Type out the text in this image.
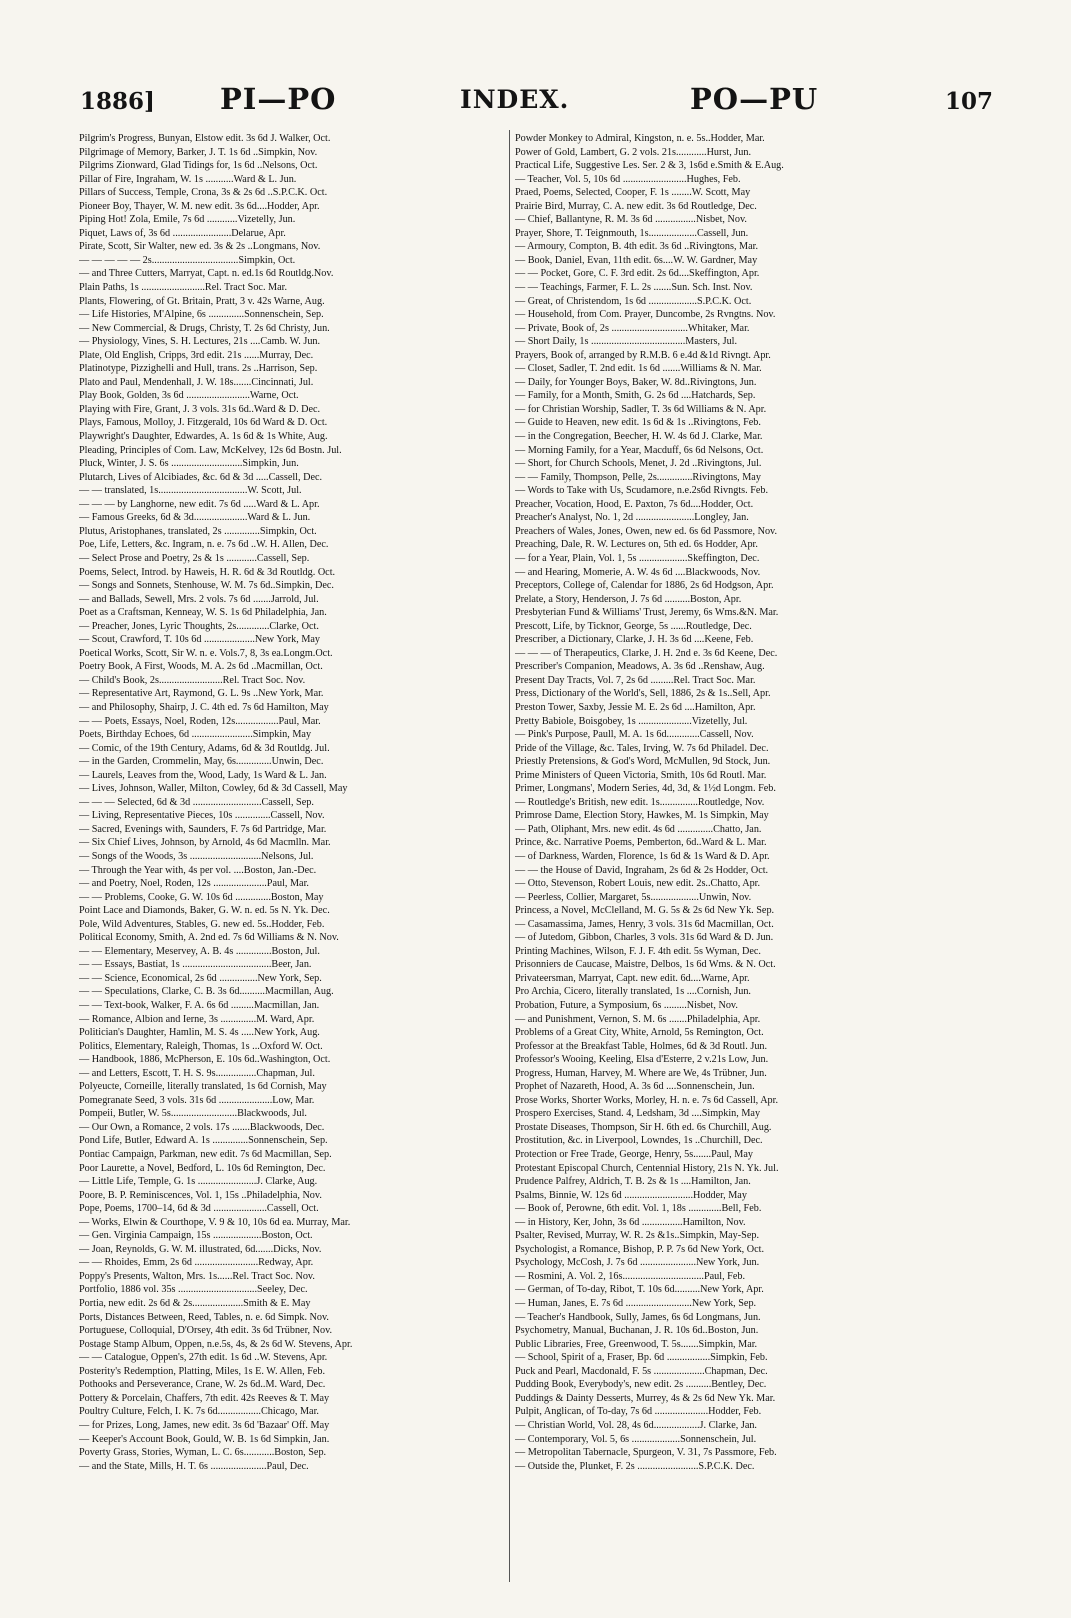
1886] PI—PO	INDEX.	PO—PU	107
Pilgrim's Progress, Bunyan, Elstow edit. 3s 6d J. Walker, Oct.
Pilgrimage of Memory, Barker, J. T. 1s 6d ..Simpkin, Nov.
Pilgrims Zionward, Glad Tidings for, 1s 6d ..Nelsons, Oct.
Pillar of Fire, Ingraham, W. 1s ...........Ward & L. Jun.
Pillars of Success, Temple, Crona, 3s & 2s 6d ..S.P.C.K. Oct.
Pioneer Boy, Thayer, W. M. new edit. 3s 6d....Hodder, Apr.
Piping Hot! Zola, Emile, 7s 6d ............Vizetelly, Jun.
Piquet, Laws of, 3s 6d .......................Delarue, Apr.
Pirate, Scott, Sir Walter, new ed. 3s & 2s ..Longmans, Nov.
— — — — — 2s..................................Simpkin, Oct.
— and Three Cutters, Marryat, Capt. n. ed.1s 6d Routldg.Nov.
Plain Paths, 1s .........................Rel. Tract Soc. Mar.
Plants, Flowering, of Gt. Britain, Pratt, 3 v. 42s Warne, Aug.
— Life Histories, M'Alpine, 6s ..............Sonnenschein, Sep.
— New Commercial, & Drugs, Christy, T. 2s 6d Christy, Jun.
— Physiology, Vines, S. H. Lectures, 21s ....Camb. W. Jun.
Plate, Old English, Cripps, 3rd edit. 21s ......Murray, Dec.
Platinotype, Pizzighelli and Hull, trans. 2s ..Harrison, Sep.
Plato and Paul, Mendenhall, J. W. 18s.......Cincinnati, Jul.
Play Book, Golden, 3s 6d .........................Warne, Oct.
Playing with Fire, Grant, J. 3 vols. 31s 6d..Ward & D. Dec.
Plays, Famous, Molloy, J. Fitzgerald, 10s 6d Ward & D. Oct.
Playwright's Daughter, Edwardes, A. 1s 6d & 1s White, Aug.
Pleading, Principles of Com. Law, McKelvey, 12s 6d Bostn. Jul.
Pluck, Winter, J. S. 6s ............................Simpkin, Jun.
Plutarch, Lives of Alcibiades, &c. 6d & 3d .....Cassell, Dec.
— — translated, 1s...................................W. Scott, Jul.
— — — by Langhorne, new edit. 7s 6d .....Ward & L. Apr.
— Famous Greeks, 6d & 3d.....................Ward & L. Jun.
Plutus, Aristophanes, translated, 2s ..............Simpkin, Oct.
Poe, Life, Letters, &c. Ingram, n. e. 7s 6d ..W. H. Allen, Dec.
— Select Prose and Poetry, 2s & 1s ............Cassell, Sep.
Poems, Select, Introd. by Haweis, H. R. 6d & 3d Routldg. Oct.
— Songs and Sonnets, Stenhouse, W. M. 7s 6d..Simpkin, Dec.
— and Ballads, Sewell, Mrs. 2 vols. 7s 6d .......Jarrold, Jul.
Poet as a Craftsman, Kenneay, W. S. 1s 6d Philadelphia, Jan.
— Preacher, Jones, Lyric Thoughts, 2s.............Clarke, Oct.
— Scout, Crawford, T. 10s 6d ....................New York, May
Poetical Works, Scott, Sir W. n. e. Vols.7, 8, 3s ea.Longm.Oct.
Poetry Book, A First, Woods, M. A. 2s 6d ..Macmillan, Oct.
— Child's Book, 2s.........................Rel. Tract Soc. Nov.
— Representative Art, Raymond, G. L. 9s ..New York, Mar.
— and Philosophy, Shairp, J. C. 4th ed. 7s 6d Hamilton, May
— — Poets, Essays, Noel, Roden, 12s.................Paul, Mar.
Poets, Birthday Echoes, 6d ........................Simpkin, May
— Comic, of the 19th Century, Adams, 6d & 3d Routldg. Jul.
— in the Garden, Crommelin, May, 6s..............Unwin, Dec.
— Laurels, Leaves from the, Wood, Lady, 1s Ward & L. Jan.
— Lives, Johnson, Waller, Milton, Cowley, 6d & 3d Cassell, May
— — — Selected, 6d & 3d ...........................Cassell, Sep.
— Living, Representative Pieces, 10s ..............Cassell, Nov.
— Sacred, Evenings with, Saunders, F. 7s 6d Partridge, Mar.
— Six Chief Lives, Johnson, by Arnold, 4s 6d Macmlln. Mar.
— Songs of the Woods, 3s ............................Nelsons, Jul.
— Through the Year with, 4s per vol. ....Boston, Jan.-Dec.
— and Poetry, Noel, Roden, 12s .....................Paul, Mar.
— — Problems, Cooke, G. W. 10s 6d ..............Boston, May
Point Lace and Diamonds, Baker, G. W. n. ed. 5s N. Yk. Dec.
Pole, Wild Adventures, Stables, G. new ed. 5s..Hodder, Feb.
Political Economy, Smith, A. 2nd ed. 7s 6d Williams & N. Nov.
— — Elementary, Meservey, A. B. 4s ..............Boston, Jul.
— — Essays, Bastiat, 1s ...................................Beer, Jan.
— — Science, Economical, 2s 6d ...............New York, Sep.
— — Speculations, Clarke, C. B. 3s 6d..........Macmillan, Aug.
— — Text-book, Walker, F. A. 6s 6d .........Macmillan, Jan.
— Romance, Albion and Ierne, 3s ..............M. Ward, Apr.
Politician's Daughter, Hamlin, M. S. 4s .....New York, Aug.
Politics, Elementary, Raleigh, Thomas, 1s ...Oxford W. Oct.
— Handbook, 1886, McPherson, E. 10s 6d..Washington, Oct.
— and Letters, Escott, T. H. S. 9s................Chapman, Jul.
Polyeucte, Corneille, literally translated, 1s 6d Cornish, May
Pomegranate Seed, 3 vols. 31s 6d .....................Low, Mar.
Pompeii, Butler, W. 5s..........................Blackwoods, Jul.
— Our Own, a Romance, 2 vols. 17s .......Blackwoods, Dec.
Pond Life, Butler, Edward A. 1s ..............Sonnenschein, Sep.
Pontiac Campaign, Parkman, new edit. 7s 6d Macmillan, Sep.
Poor Laurette, a Novel, Bedford, L. 10s 6d Remington, Dec.
— Little Life, Temple, G. 1s .......................J. Clarke, Aug.
Poore, B. P. Reminiscences, Vol. 1, 15s ..Philadelphia, Nov.
Pope, Poems, 1700–14, 6d & 3d .....................Cassell, Oct.
— Works, Elwin & Courthope, V. 9 & 10, 10s 6d ea. Murray, Mar.
— Gen. Virginia Campaign, 15s ...................Boston, Oct.
— Joan, Reynolds, G. W. M. illustrated, 6d.......Dicks, Nov.
— — Rhoides, Emm, 2s 6d .........................Redway, Apr.
Poppy's Presents, Walton, Mrs. 1s......Rel. Tract Soc. Nov.
Portfolio, 1886 vol. 35s ...............................Seeley, Dec.
Portia, new edit. 2s 6d & 2s....................Smith & E. May
Ports, Distances Between, Reed, Tables, n. e. 6d Simpk. Nov.
Portuguese, Colloquial, D'Orsey, 4th edit. 3s 6d Trübner, Nov.
Postage Stamp Album, Oppen, n.e.5s, 4s, & 2s 6d W. Stevens, Apr.
— — Catalogue, Oppen's, 27th edit. 1s 6d ..W. Stevens, Apr.
Posterity's Redemption, Platting, Miles, 1s E. W. Allen, Feb.
Pothooks and Perseverance, Crane, W. 2s 6d..M. Ward, Dec.
Pottery & Porcelain, Chaffers, 7th edit. 42s Reeves & T. May
Poultry Culture, Felch, I. K. 7s 6d.................Chicago, Mar.
— for Prizes, Long, James, new edit. 3s 6d 'Bazaar' Off. May
— Keeper's Account Book, Gould, W. B. 1s 6d Simpkin, Jan.
Poverty Grass, Stories, Wyman, L. C. 6s............Boston, Sep.
— and the State, Mills, H. T. 6s ......................Paul, Dec.
Powder Monkey to Admiral, Kingston, n. e. 5s..Hodder, Mar.
Power of Gold, Lambert, G. 2 vols. 21s............Hurst, Jun.
Practical Life, Suggestive Les. Ser. 2 & 3, 1s6d e.Smith & E.Aug.
— Teacher, Vol. 5, 10s 6d .........................Hughes, Feb.
Praed, Poems, Selected, Cooper, F. 1s ........W. Scott, May
Prairie Bird, Murray, C. A. new edit. 3s 6d Routledge, Dec.
— Chief, Ballantyne, R. M. 3s 6d ................Nisbet, Nov.
Prayer, Shore, T. Teignmouth, 1s...................Cassell, Jun.
— Armoury, Compton, B. 4th edit. 3s 6d ..Rivingtons, Mar.
— Book, Daniel, Evan, 11th edit. 6s....W. W. Gardner, May
— — Pocket, Gore, C. F. 3rd edit. 2s 6d....Skeffington, Apr.
— — Teachings, Farmer, F. L. 2s .......Sun. Sch. Inst. Nov.
— Great, of Christendom, 1s 6d ...................S.P.C.K. Oct.
— Household, from Com. Prayer, Duncombe, 2s Rvngtns. Nov.
— Private, Book of, 2s ..............................Whitaker, Mar.
— Short Daily, 1s .....................................Masters, Jul.
Prayers, Book of, arranged by R.M.B. 6 e.4d &1d Rivngt. Apr.
— Closet, Sadler, T. 2nd edit. 1s 6d .......Williams & N. Mar.
— Daily, for Younger Boys, Baker, W. 8d..Rivingtons, Jun.
— Family, for a Month, Smith, G. 2s 6d ....Hatchards, Sep.
— for Christian Worship, Sadler, T. 3s 6d Williams & N. Apr.
— Guide to Heaven, new edit. 1s 6d & 1s ..Rivingtons, Feb.
— in the Congregation, Beecher, H. W. 4s 6d J. Clarke, Mar.
— Morning Family, for a Year, Macduff, 6s 6d Nelsons, Oct.
— Short, for Church Schools, Menet, J. 2d ..Rivingtons, Jul.
— — Family, Thompson, Pelle, 2s..............Rivingtons, May
— Words to Take with Us, Scudamore, n.e.2s6d Rivngts. Feb.
Preacher, Vocation, Hood, E. Paxton, 7s 6d....Hodder, Oct.
Preacher's Analyst, No. 1, 2d .......................Longley, Jan.
Preachers of Wales, Jones, Owen, new ed. 6s 6d Passmore, Nov.
Preaching, Dale, R. W. Lectures on, 5th ed. 6s Hodder, Apr.
— for a Year, Plain, Vol. 1, 5s ...................Skeffington, Dec.
— and Hearing, Momerie, A. W. 4s 6d ....Blackwoods, Nov.
Preceptors, College of, Calendar for 1886, 2s 6d Hodgson, Apr.
Prelate, a Story, Henderson, J. 7s 6d ..........Boston, Apr.
Presbyterian Fund & Williams' Trust, Jeremy, 6s Wms.&N. Mar.
Prescott, Life, by Ticknor, George, 5s ......Routledge, Dec.
Prescriber, a Dictionary, Clarke, J. H. 3s 6d ....Keene, Feb.
— — — of Therapeutics, Clarke, J. H. 2nd e. 3s 6d Keene, Dec.
Prescriber's Companion, Meadows, A. 3s 6d ..Renshaw, Aug.
Present Day Tracts, Vol. 7, 2s 6d .........Rel. Tract Soc. Mar.
Press, Dictionary of the World's, Sell, 1886, 2s & 1s..Sell, Apr.
Preston Tower, Saxby, Jessie M. E. 2s 6d ....Hamilton, Apr.
Pretty Babiole, Boisgobey, 1s .....................Vizetelly, Jul.
— Pink's Purpose, Paull, M. A. 1s 6d.............Cassell, Nov.
Pride of the Village, &c. Tales, Irving, W. 7s 6d Philadel. Dec.
Priestly Pretensions, & God's Word, McMullen, 9d Stock, Jun.
Prime Ministers of Queen Victoria, Smith, 10s 6d Routl. Mar.
Primer, Longmans', Modern Series, 4d, 3d, & 1½d Longm. Feb.
— Routledge's British, new edit. 1s...............Routledge, Nov.
Primrose Dame, Election Story, Hawkes, M. 1s Simpkin, May
— Path, Oliphant, Mrs. new edit. 4s 6d ..............Chatto, Jan.
Prince, &c. Narrative Poems, Pemberton, 6d..Ward & L. Mar.
— of Darkness, Warden, Florence, 1s 6d & 1s Ward & D. Apr.
— — the House of David, Ingraham, 2s 6d & 2s Hodder, Oct.
— Otto, Stevenson, Robert Louis, new edit. 2s..Chatto, Apr.
— Peerless, Collier, Margaret, 5s...................Unwin, Nov.
Princess, a Novel, McClelland, M. G. 5s & 2s 6d New Yk. Sep.
— Casamassima, James, Henry, 3 vols. 31s 6d Macmillan, Oct.
— of Jutedom, Gibbon, Charles, 3 vols. 31s 6d Ward & D. Jun.
Printing Machines, Wilson, F. J. F. 4th edit. 5s Wyman, Dec.
Prisonniers de Caucase, Maistre, Delbos, 1s 6d Wms. & N. Oct.
Privateersman, Marryat, Capt. new edit. 6d....Warne, Apr.
Pro Archia, Cicero, literally translated, 1s ....Cornish, Jun.
Probation, Future, a Symposium, 6s .........Nisbet, Nov.
— and Punishment, Vernon, S. M. 6s .......Philadelphia, Apr.
Problems of a Great City, White, Arnold, 5s Remington, Oct.
Professor at the Breakfast Table, Holmes, 6d & 3d Routl. Jun.
Professor's Wooing, Keeling, Elsa d'Esterre, 2 v.21s Low, Jun.
Progress, Human, Harvey, M. Where are We, 4s Trübner, Jun.
Prophet of Nazareth, Hood, A. 3s 6d ....Sonnenschein, Jun.
Prose Works, Shorter Works, Morley, H. n. e. 7s 6d Cassell, Apr.
Prospero Exercises, Stand. 4, Ledsham, 3d ....Simpkin, May
Prostate Diseases, Thompson, Sir H. 6th ed. 6s Churchill, Aug.
Prostitution, &c. in Liverpool, Lowndes, 1s ..Churchill, Dec.
Protection or Free Trade, George, Henry, 5s.......Paul, May
Protestant Episcopal Church, Centennial History, 21s N. Yk. Jul.
Prudence Palfrey, Aldrich, T. B. 2s & 1s ....Hamilton, Jan.
Psalms, Binnie, W. 12s 6d ...........................Hodder, May
— Book of, Perowne, 6th edit. Vol. 1, 18s .............Bell, Feb.
— in History, Ker, John, 3s 6d ................Hamilton, Nov.
Psalter, Revised, Murray, W. R. 2s &1s..Simpkin, May-Sep.
Psychologist, a Romance, Bishop, P. P. 7s 6d New York, Oct.
Psychology, McCosh, J. 7s 6d ......................New York, Jun.
— Rosmini, A. Vol. 2, 16s................................Paul, Feb.
— German, of To-day, Ribot, T. 10s 6d..........New York, Apr.
— Human, Janes, E. 7s 6d ..........................New York, Sep.
— Teacher's Handbook, Sully, James, 6s 6d Longmans, Jun.
Psychometry, Manual, Buchanan, J. R. 10s 6d..Boston, Jun.
Public Libraries, Free, Greenwood, T. 5s.......Simpkin, Mar.
— School, Spirit of a, Fraser, Bp. 6d .................Simpkin, Feb.
Puck and Pearl, Macdonald, F. 5s ....................Chapman, Dec.
Pudding Book, Everybody's, new edit. 2s ..........Bentley, Dec.
Puddings & Dainty Desserts, Murrey, 4s & 2s 6d New Yk. Mar.
Pulpit, Anglican, of To-day, 7s 6d .....................Hodder, Feb.
— Christian World, Vol. 28, 4s 6d..................J. Clarke, Jan.
— Contemporary, Vol. 5, 6s ...................Sonnenschein, Jul.
— Metropolitan Tabernacle, Spurgeon, V. 31, 7s Passmore, Feb.
— Outside the, Plunket, F. 2s ........................S.P.C.K. Dec.
